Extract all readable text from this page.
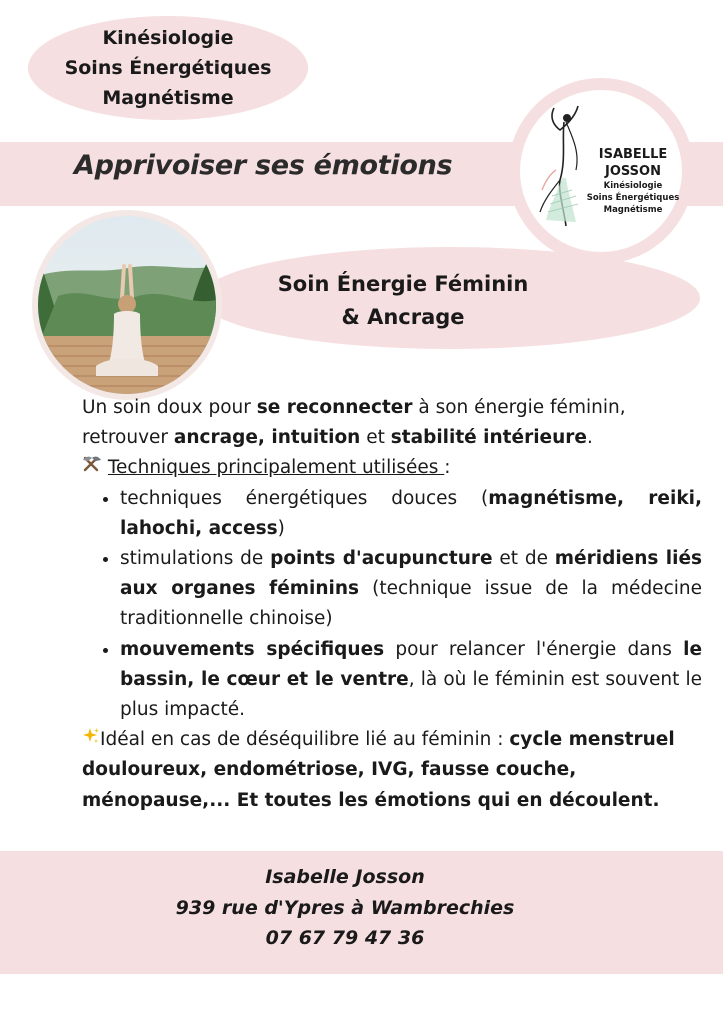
Apprivoiser ses émotions
Kinésiologie
Soins Énergétiques
Magnétisme
ISABELLE
JOSSON
Kinésiologie
Soins Énergétiques
Magnétisme
Soin Énergie Féminin
& Ancrage

Un soin doux pour se reconnecter à son énergie féminin, retrouver ancrage, intuition et stabilité intérieure.

Techniques principalement utilisées :

• techniques énergétiques douces (magnétisme, reiki, lahochi, access)
• stimulations de points d'acupuncture et de méridiens liés aux organes féminins (technique issue de la médecine traditionnelle chinoise)
• mouvements spécifiques pour relancer l'énergie dans le bassin, le cœur et le ventre, là où le féminin est souvent le plus impacté.

Idéal en cas de déséquilibre lié au féminin : cycle menstruel douloureux, endométriose, IVG, fausse couche, ménopause,... Et toutes les émotions qui en découlent.

Isabelle Josson
939 rue d'Ypres à Wambrechies
07 67 79 47 36
